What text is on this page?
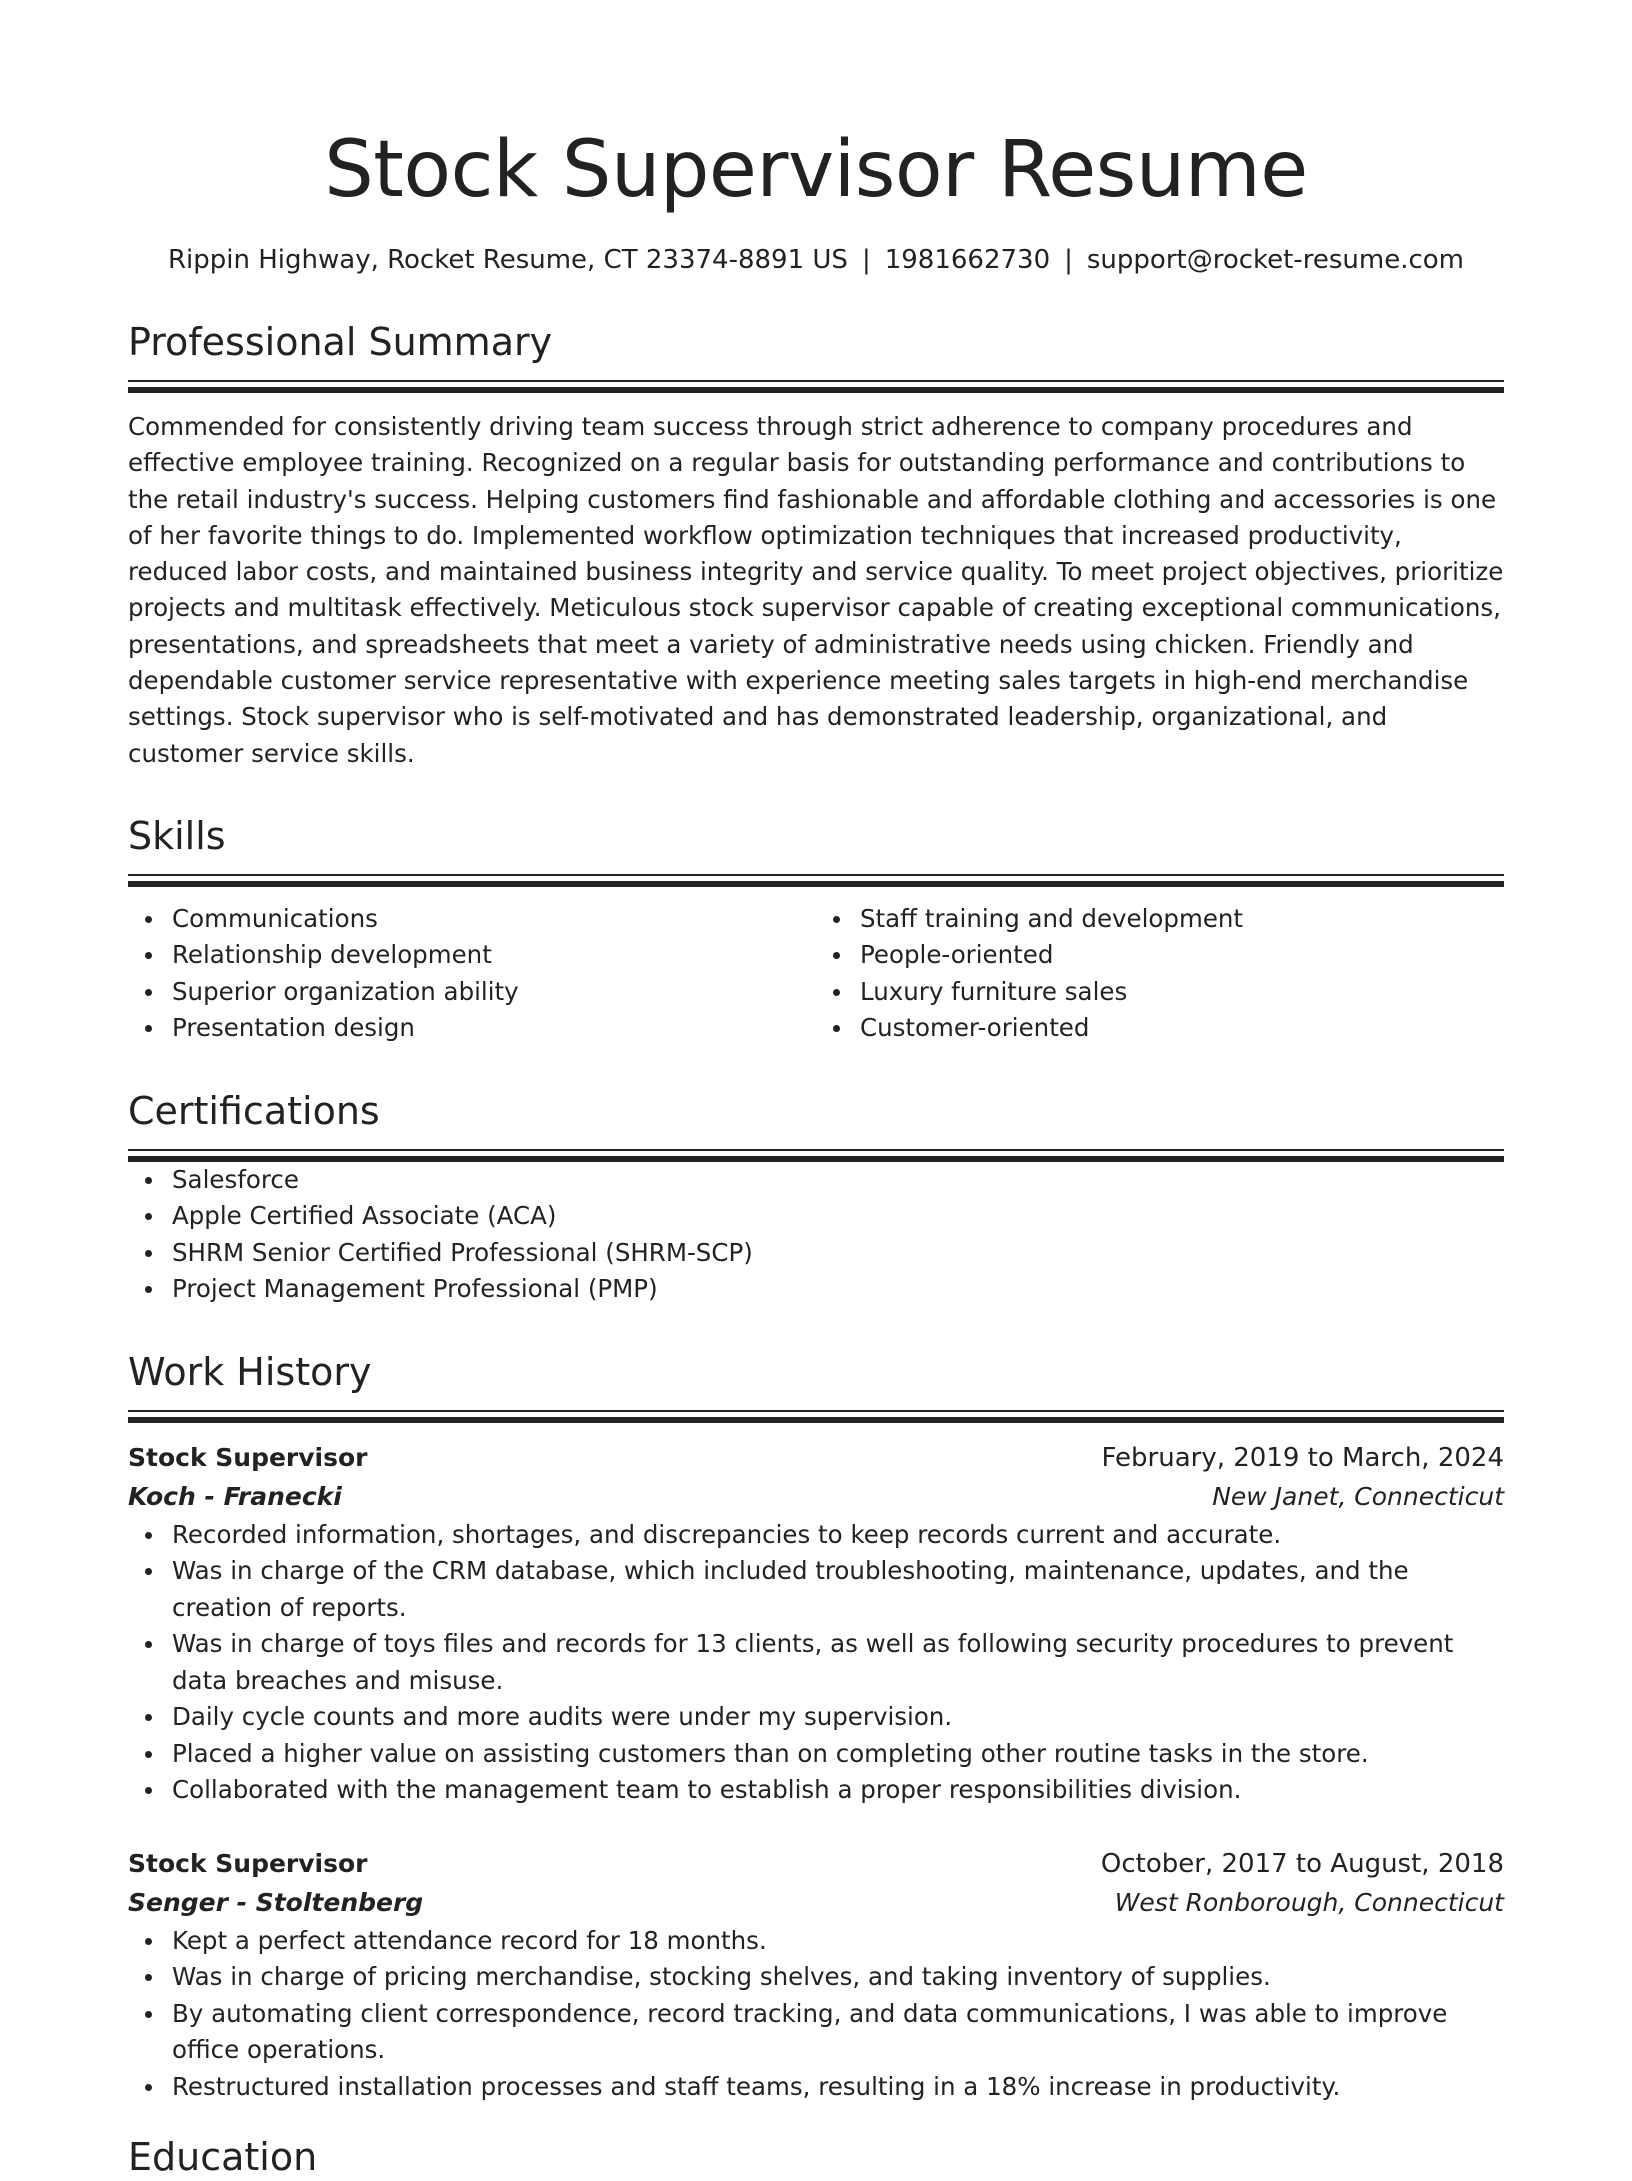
Stock Supervisor Resume
Rippin Highway, Rocket Resume, CT 23374-8891 US | 1981662730 | support@rocket-resume.com
Professional Summary
Commended for consistently driving team success through strict adherence to company procedures and effective employee training. Recognized on a regular basis for outstanding performance and contributions to the retail industry's success. Helping customers find fashionable and affordable clothing and accessories is one of her favorite things to do. Implemented workflow optimization techniques that increased productivity, reduced labor costs, and maintained business integrity and service quality. To meet project objectives, prioritize projects and multitask effectively. Meticulous stock supervisor capable of creating exceptional communications, presentations, and spreadsheets that meet a variety of administrative needs using chicken. Friendly and dependable customer service representative with experience meeting sales targets in high-end merchandise settings. Stock supervisor who is self-motivated and has demonstrated leadership, organizational, and customer service skills.
Skills
Communications
Relationship development
Superior organization ability
Presentation design
Staff training and development
People-oriented
Luxury furniture sales
Customer-oriented
Certifications
Salesforce
Apple Certified Associate (ACA)
SHRM Senior Certified Professional (SHRM-SCP)
Project Management Professional (PMP)
Work History
Stock Supervisor	February, 2019 to March, 2024
Koch - Franecki	New Janet, Connecticut
Recorded information, shortages, and discrepancies to keep records current and accurate.
Was in charge of the CRM database, which included troubleshooting, maintenance, updates, and the creation of reports.
Was in charge of toys files and records for 13 clients, as well as following security procedures to prevent data breaches and misuse.
Daily cycle counts and more audits were under my supervision.
Placed a higher value on assisting customers than on completing other routine tasks in the store.
Collaborated with the management team to establish a proper responsibilities division.
Stock Supervisor	October, 2017 to August, 2018
Senger - Stoltenberg	West Ronborough, Connecticut
Kept a perfect attendance record for 18 months.
Was in charge of pricing merchandise, stocking shelves, and taking inventory of supplies.
By automating client correspondence, record tracking, and data communications, I was able to improve office operations.
Restructured installation processes and staff teams, resulting in a 18% increase in productivity.
Education
